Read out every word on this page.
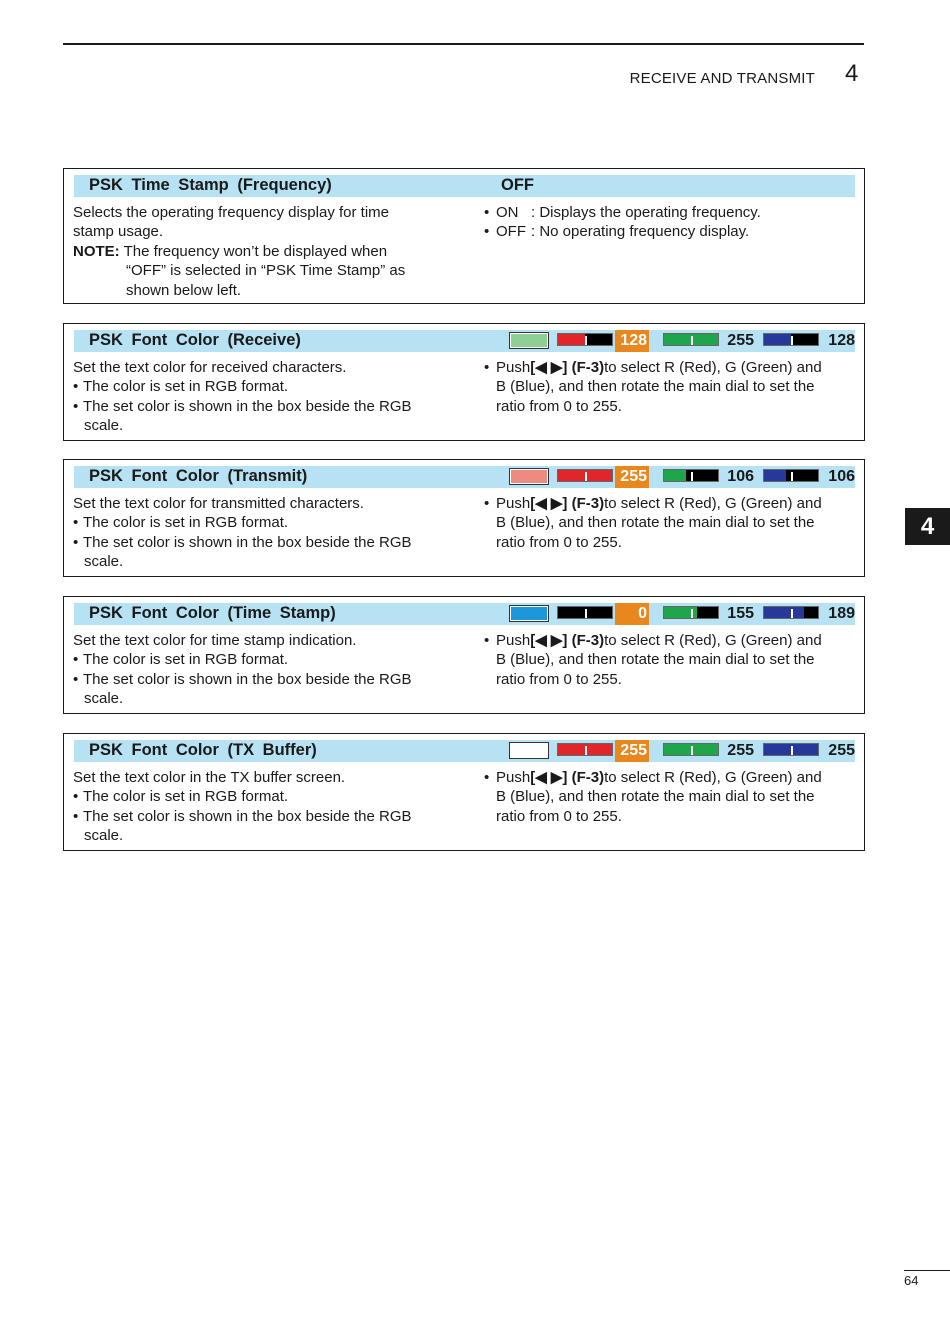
RECEIVE AND TRANSMIT 4
4
PSK Time Stamp (Frequency)	OFF

Selects the operating frequency display for time

stamp usage.

NOTE: The frequency won’t be displayed when

“OFF” is selected in “PSK Time Stamp” as

shown below left.

• ON : Displays the operating frequency.
• OFF : No operating frequency display.
PSK Font Color (Receive)	128	255	128

Set the text color for received characters.

• The color is set in RGB format.
• The set color is shown in the box beside the RGB

scale.

• Push [◀ ▶] (F-3) to select R (Red), G (Green) and

B (Blue), and then rotate the main dial to set the

ratio from 0 to 255.

PSK Font Color (Transmit)	255	106	106

Set the text color for transmitted characters.

• The color is set in RGB format.
• The set color is shown in the box beside the RGB

scale.

• Push [◀ ▶] (F-3) to select R (Red), G (Green) and

B (Blue), and then rotate the main dial to set the

ratio from 0 to 255.

PSK Font Color (Time Stamp)	0	155	189

Set the text color for time stamp indication.

• The color is set in RGB format.
• The set color is shown in the box beside the RGB

scale.

• Push [◀ ▶] (F-3) to select R (Red), G (Green) and

B (Blue), and then rotate the main dial to set the

ratio from 0 to 255.

PSK Font Color (TX Buffer)	255	255	255

Set the text color in the TX buffer screen.

• The color is set in RGB format.
• The set color is shown in the box beside the RGB

scale.

• Push [◀ ▶] (F-3) to select R (Red), G (Green) and

B (Blue), and then rotate the main dial to set the

ratio from 0 to 255.

64
